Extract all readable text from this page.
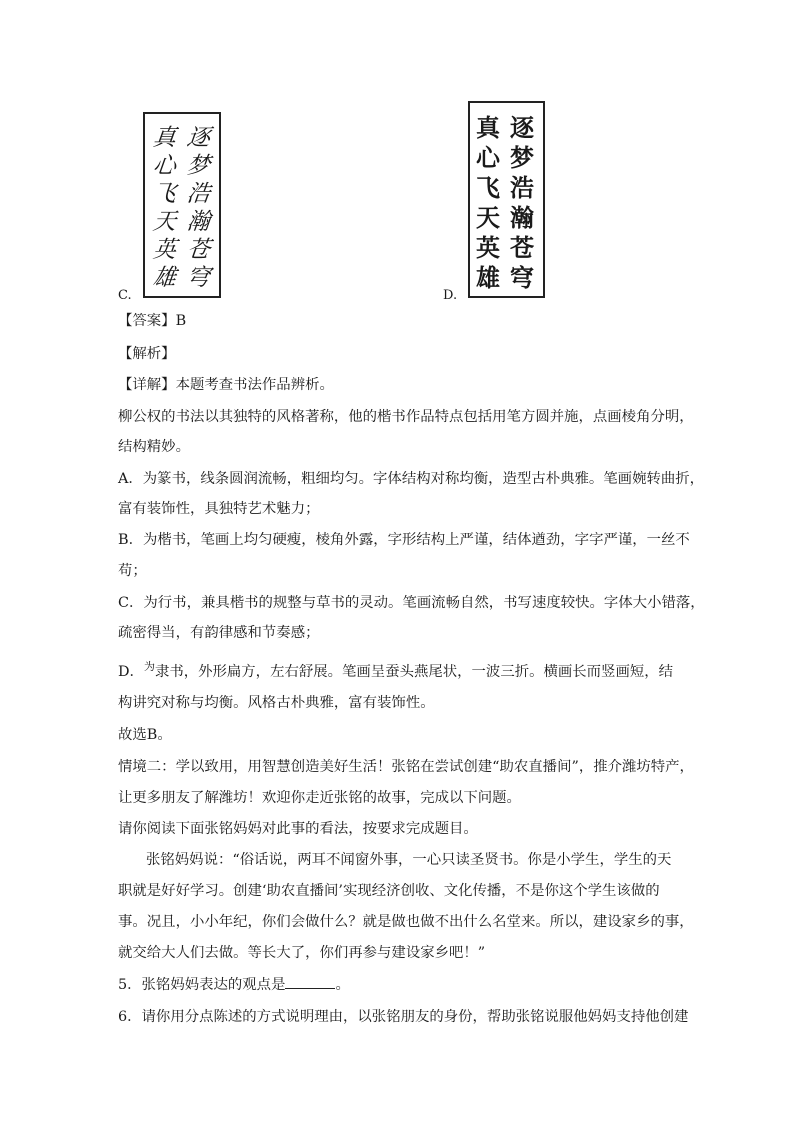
C.
逐
梦
浩
瀚
苍
穹
真
心
飞
天
英
雄
D.
逐
梦
浩
瀚
苍
穹
真
心
飞
天
英
雄
【答案】B
【解析】
【详解】本题考查书法作品辨析。
柳公权的书法以其独特的风格著称，他的楷书作品特点包括用笔方圆并施，点画棱角分明，
结构精妙。
A．为篆书，线条圆润流畅，粗细均匀。字体结构对称均衡，造型古朴典雅。笔画婉转曲折，
富有装饰性，具独特艺术魅力；
B．为楷书，笔画上均匀硬瘦，棱角外露，字形结构上严谨，结体遒劲，字字严谨，一丝不
苟；
C．为行书，兼具楷书的规整与草书的灵动。笔画流畅自然，书写速度较快。字体大小错落，
疏密得当，有韵律感和节奏感；
D．$^为$隶书，外形扁方，左右舒展。笔画呈蚕头燕尾状，一波三折。横画长而竖画短，结
构讲究对称与均衡。风格古朴典雅，富有装饰性。
故选B。
情境二：学以致用，用智慧创造美好生活！张铭在尝试创建“助农直播间”，推介潍坊特产，
让更多朋友了解潍坊！欢迎你走近张铭的故事，完成以下问题。
请你阅读下面张铭妈妈对此事的看法，按要求完成题目。
张铭妈妈说：“俗话说，两耳不闻窗外事，一心只读圣贤书。你是小学生，学生的天
职就是好好学习。创建‘助农直播间’实现经济创收、文化传播，不是你这个学生该做的
事。况且，小小年纪，你们会做什么？就是做也做不出什么名堂来。所以，建设家乡的事，
就交给大人们去做。等长大了，你们再参与建设家乡吧！”
5．张铭妈妈表达的观点是	。
6．请你用分点陈述的方式说明理由，以张铭朋友的身份，帮助张铭说服他妈妈支持他创建
